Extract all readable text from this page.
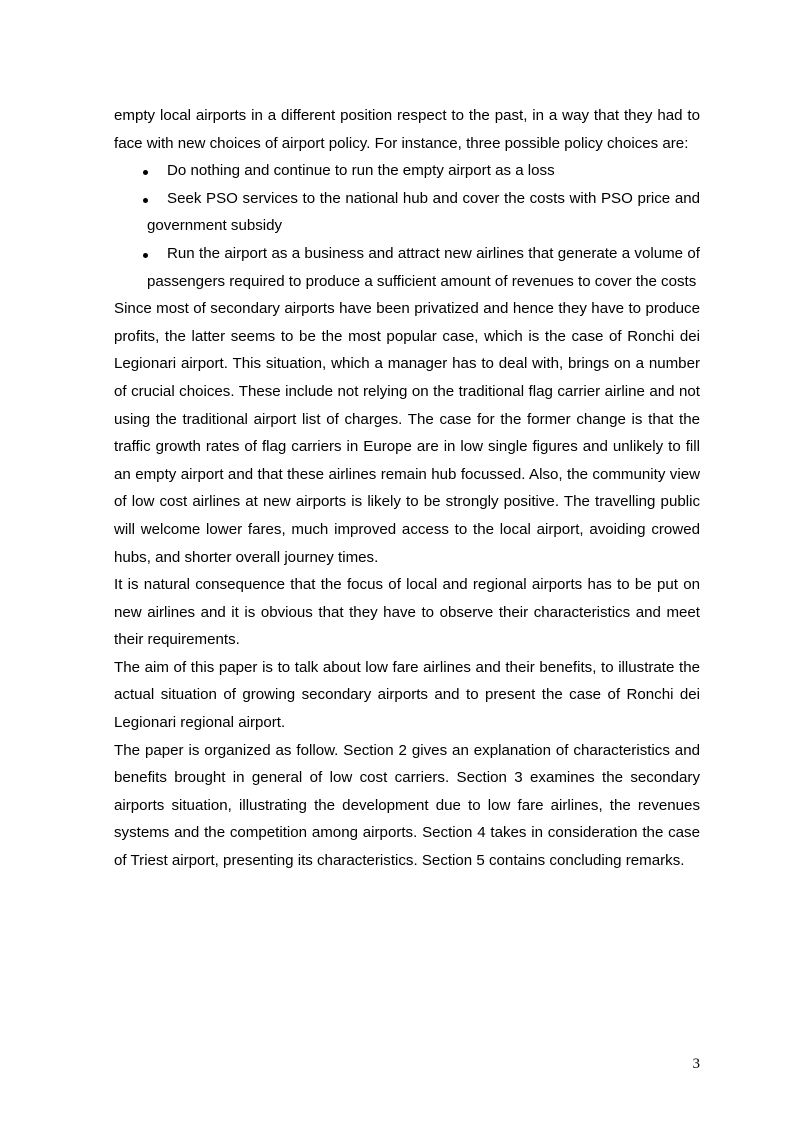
empty local airports in a different position respect to the past, in a way that they had to face with new choices of airport policy. For instance, three possible policy choices are:

Do nothing and continue to run the empty airport as a loss
Seek PSO services to the national hub and cover the costs with PSO price and government subsidy
Run the airport as a business and attract new airlines that generate a volume of passengers required to produce a sufficient amount of revenues to cover the costs

Since most of secondary airports have been privatized and hence they have to produce profits, the latter seems to be the most popular case, which is the case of Ronchi dei Legionari airport. This situation, which a manager has to deal with, brings on a number of crucial choices. These include not relying on the traditional flag carrier airline and not using the traditional airport list of charges. The case for the former change is that the traffic growth rates of flag carriers in Europe are in low single figures and unlikely to fill an empty airport and that these airlines remain hub focussed. Also, the community view of low cost airlines at new airports is likely to be strongly positive. The travelling public will welcome lower fares, much improved access to the local airport, avoiding crowed hubs, and shorter overall journey times.

It is natural consequence that the focus of local and regional airports has to be put on new airlines and it is obvious that they have to observe their characteristics and meet their requirements.

The aim of this paper is to talk about low fare airlines and their benefits, to illustrate the actual situation of growing secondary airports and to present the case of Ronchi dei Legionari regional airport.

The paper is organized as follow. Section 2 gives an explanation of characteristics and benefits brought in general of low cost carriers. Section 3 examines the secondary airports situation, illustrating the development due to low fare airlines, the revenues systems and the competition among airports. Section 4 takes in consideration the case of Triest airport, presenting its characteristics. Section 5 contains concluding remarks.

3
